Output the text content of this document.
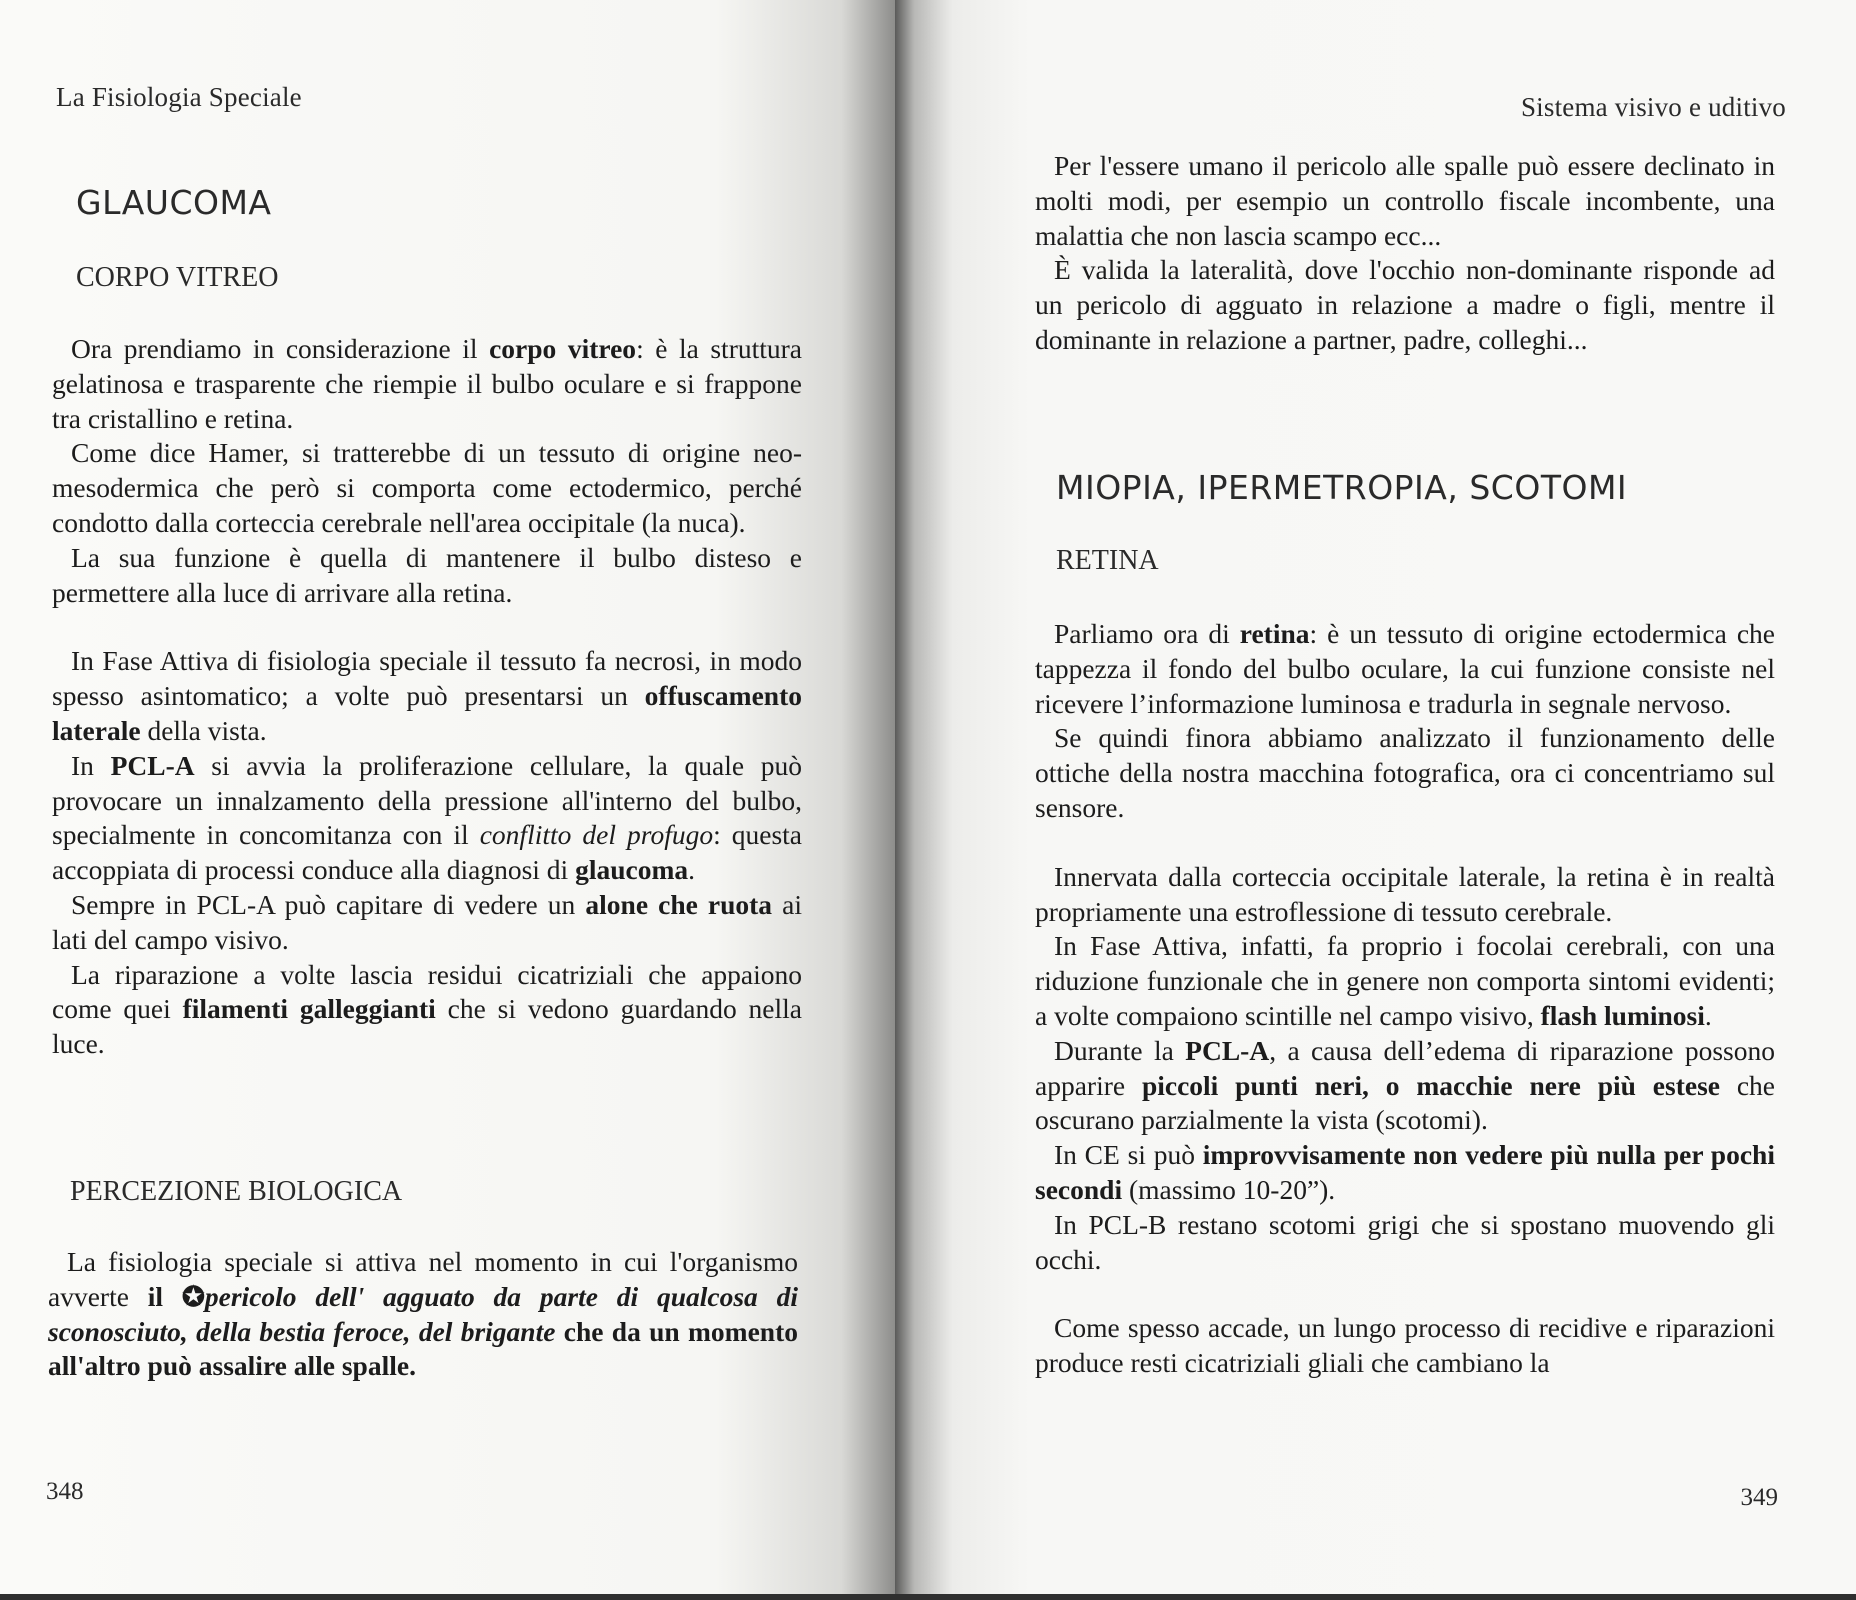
La Fisiologia Speciale
GLAUCOMA
CORPO VITREO

Ora prendiamo in considerazione il corpo vitreo: è la struttura gelatinosa e trasparente che riempie il bulbo oculare e si frappone tra cristallino e retina.

Come dice Hamer, si tratterebbe di un tessuto di origine neo-mesodermica che però si comporta come ectodermico, perché condotto dalla corteccia cerebrale nell'area occipitale (la nuca).

La sua funzione è quella di mantenere il bulbo disteso e permettere alla luce di arrivare alla retina.

In Fase Attiva di fisiologia speciale il tessuto fa necrosi, in modo spesso asintomatico; a volte può presentarsi un offuscamento laterale della vista.

In PCL-A si avvia la proliferazione cellulare, la quale può provocare un innalzamento della pressione all'interno del bulbo, specialmente in concomitanza con il conflitto del profugo: questa accoppiata di processi conduce alla diagnosi di glaucoma.

Sempre in PCL-A può capitare di vedere un alone che ruota ai lati del campo visivo.

La riparazione a volte lascia residui cicatriziali che appaiono come quei filamenti galleggianti che si vedono guardando nella luce.

PERCEZIONE BIOLOGICA

La fisiologia speciale si attiva nel momento in cui l'organismo avverte il ✪pericolo dell' agguato da parte di qualcosa di sconosciuto, della bestia feroce, del brigante che da un momento all'altro può assalire alle spalle.

348
Sistema visivo e uditivo

Per l'essere umano il pericolo alle spalle può essere declinato in molti modi, per esempio un controllo fiscale incombente, una malattia che non lascia scampo ecc...

È valida la lateralità, dove l'occhio non-dominante risponde ad un pericolo di agguato in relazione a madre o figli, mentre il dominante in relazione a partner, padre, colleghi...

MIOPIA, IPERMETROPIA, SCOTOMI
RETINA

Parliamo ora di retina: è un tessuto di origine ectodermica che tappezza il fondo del bulbo oculare, la cui funzione consiste nel ricevere l’informazione luminosa e tradurla in segnale nervoso.

Se quindi finora abbiamo analizzato il funzionamento delle ottiche della nostra macchina fotografica, ora ci concentriamo sul sensore.

Innervata dalla corteccia occipitale laterale, la retina è in realtà propriamente una estroflessione di tessuto cerebrale.

In Fase Attiva, infatti, fa proprio i focolai cerebrali, con una riduzione funzionale che in genere non comporta sintomi evidenti; a volte compaiono scintille nel campo visivo, flash luminosi.

Durante la PCL-A, a causa dell’edema di riparazione possono apparire piccoli punti neri, o macchie nere più estese che oscurano parzialmente la vista (scotomi).

In CE si può improvvisamente non vedere più nulla per pochi secondi (massimo 10-20”).

In PCL-B restano scotomi grigi che si spostano muovendo gli occhi.

Come spesso accade, un lungo processo di recidive e riparazioni produce resti cicatriziali gliali che cambiano la

349
